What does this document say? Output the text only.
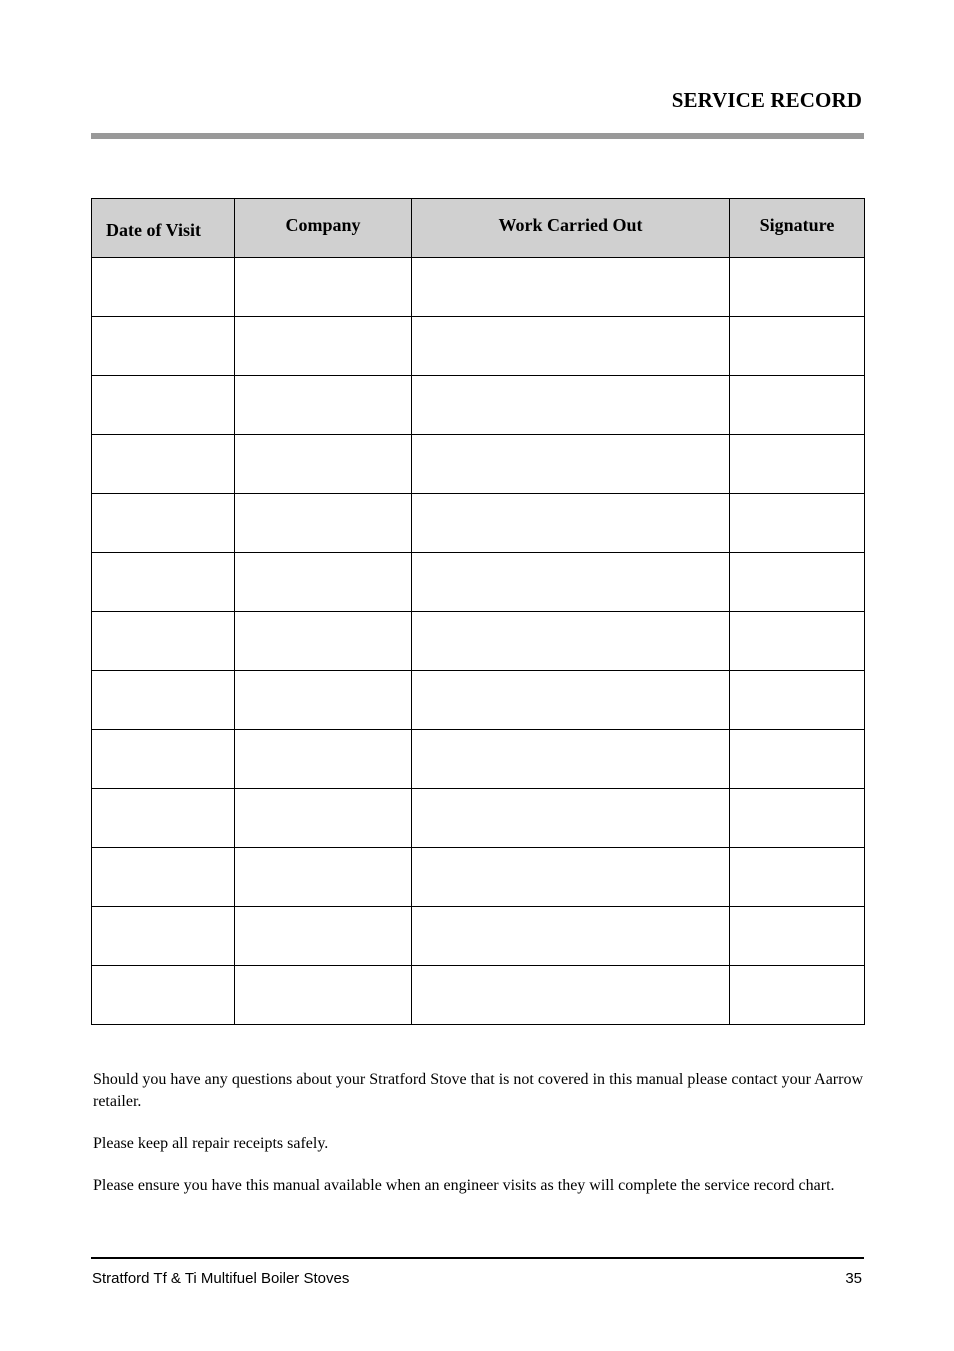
SERVICE RECORD
Date of Visit	Company	Work Carried Out	Signature

Should you have any questions about your Stratford Stove that is not covered in this manual please contact your Aarrow retailer.

Please keep all repair receipts safely.

Please ensure you have this manual available when an engineer visits as they will complete the service record chart.

Stratford Tf & Ti Multifuel Boiler Stoves	35
